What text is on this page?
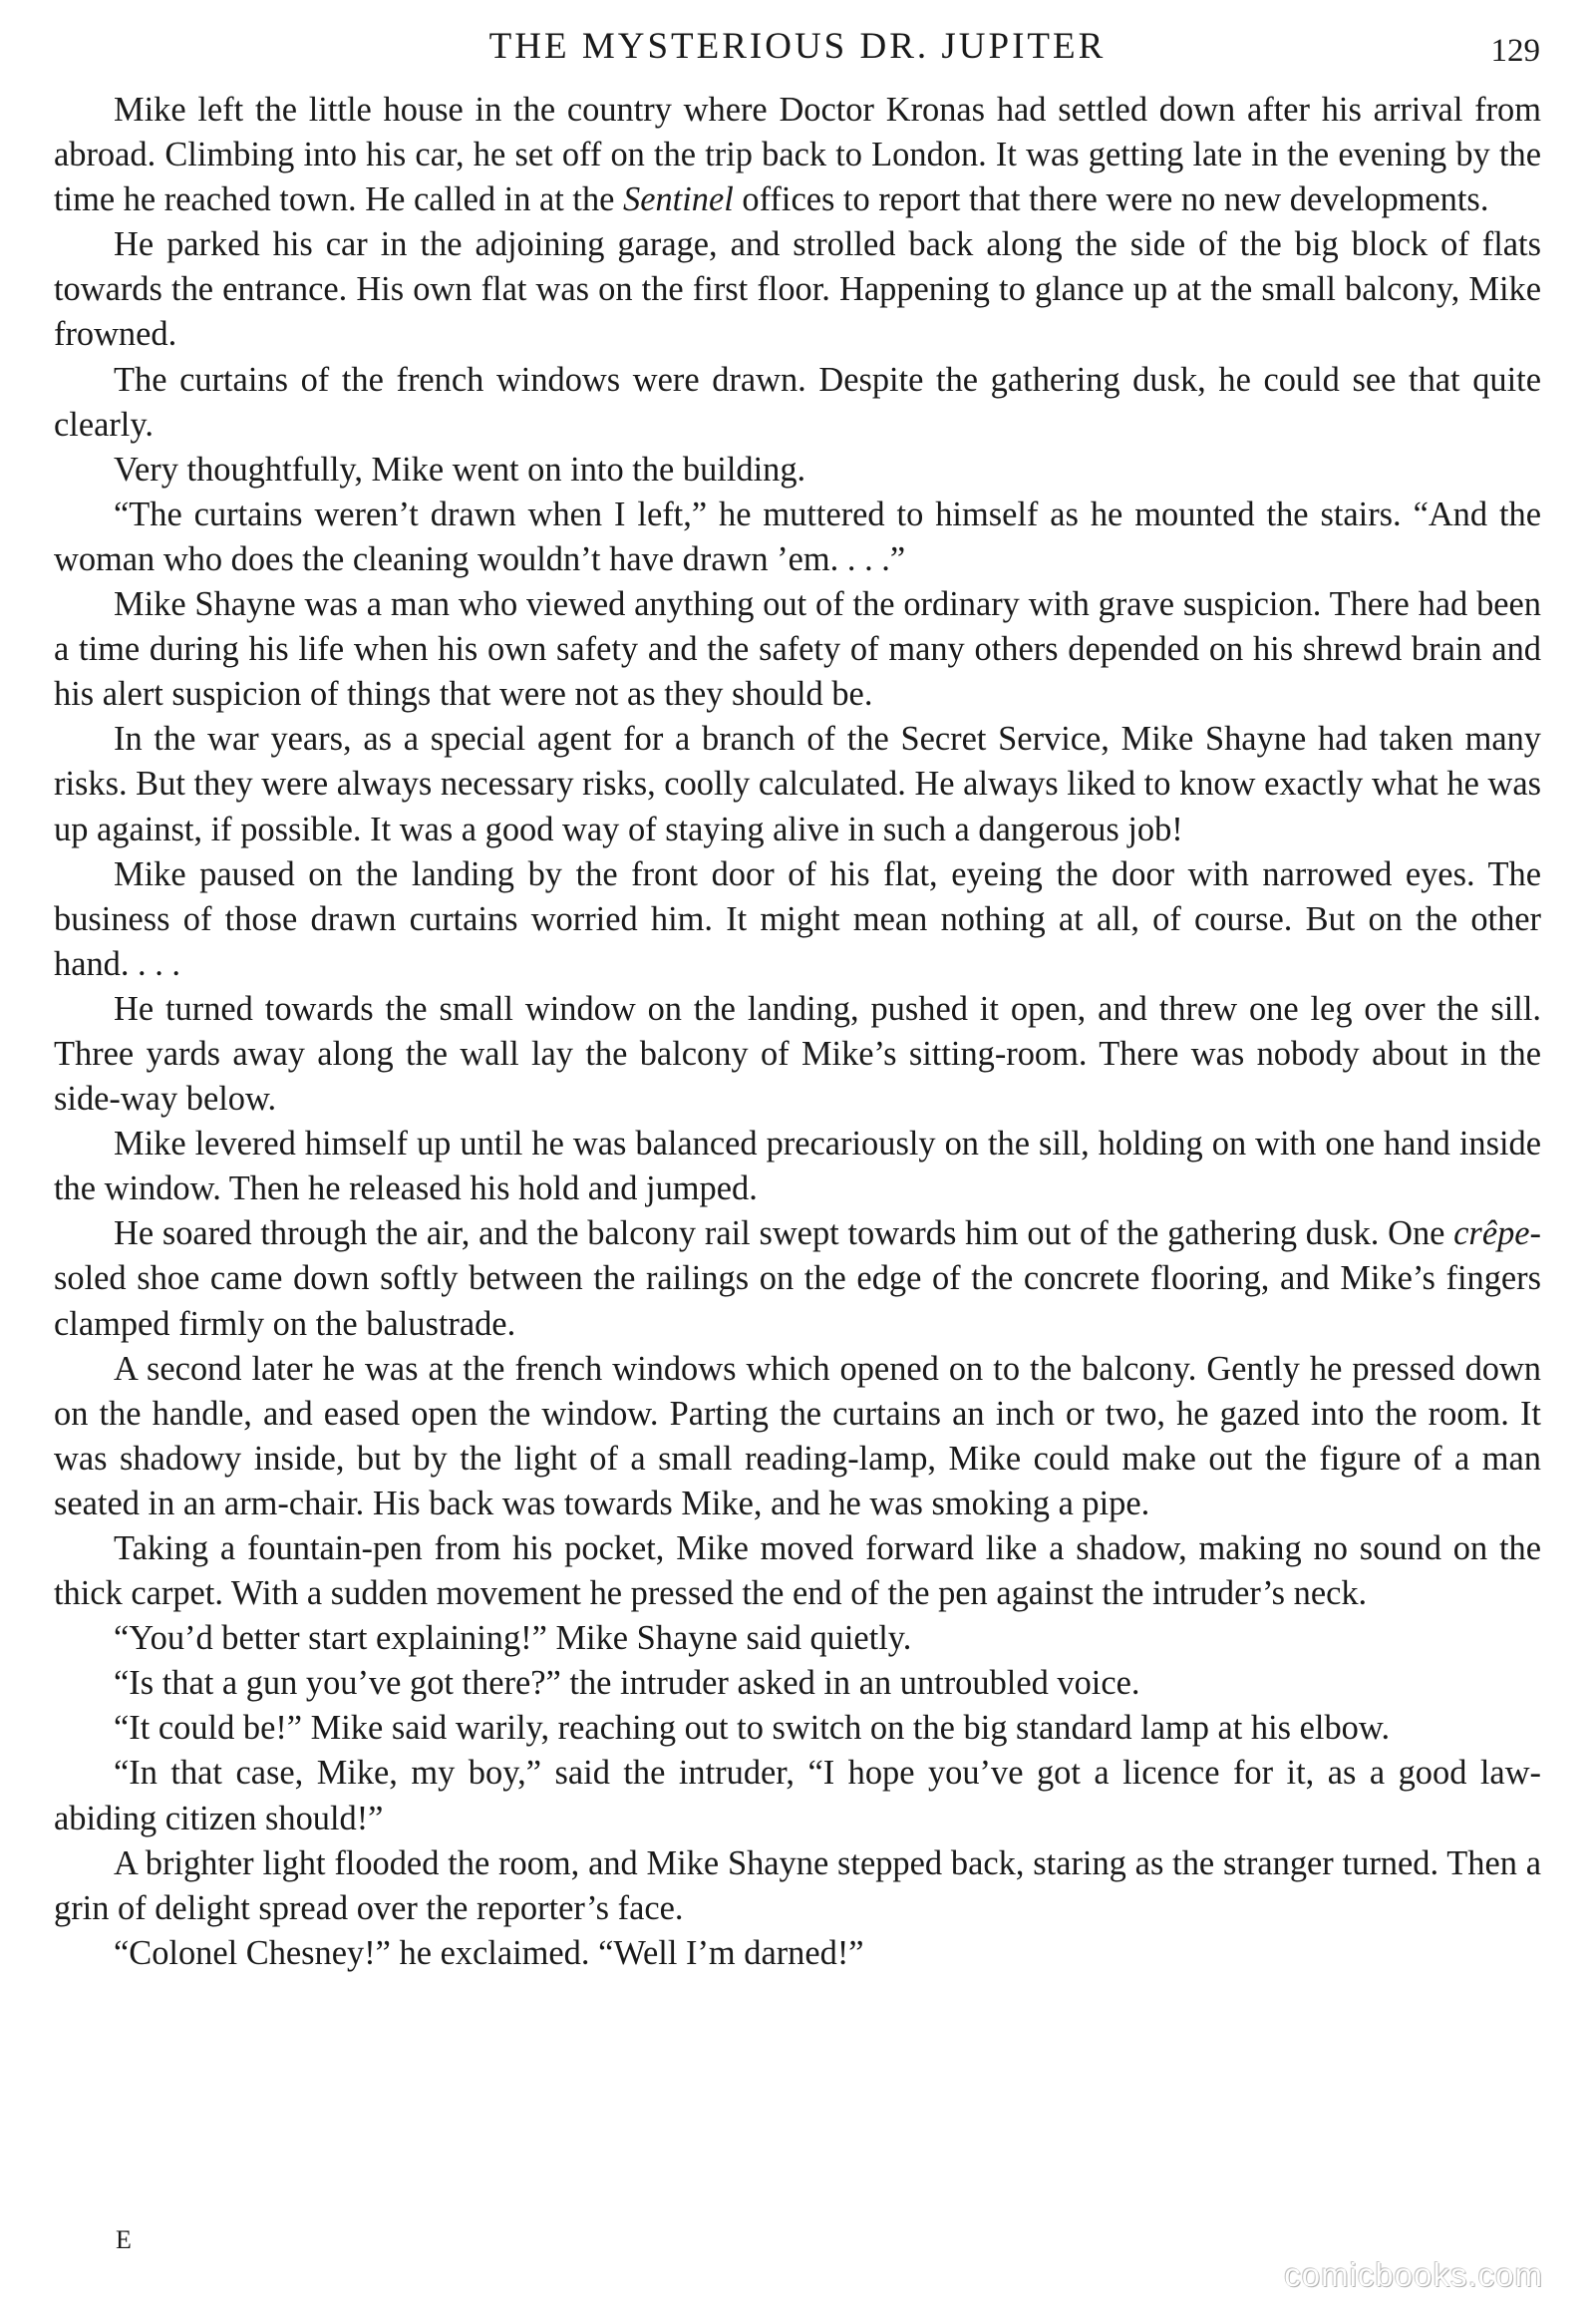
THE MYSTERIOUS DR. JUPITER	129

Mike left the little house in the country where Doctor Kronas had settled down after his arrival from abroad. Climbing into his car, he set off on the trip back to London. It was getting late in the evening by the time he reached town. He called in at the Sentinel offices to report that there were no new developments.

He parked his car in the adjoining garage, and strolled back along the side of the big block of flats towards the entrance. His own flat was on the first floor. Happening to glance up at the small balcony, Mike frowned.

The curtains of the french windows were drawn. Despite the gathering dusk, he could see that quite clearly.

Very thoughtfully, Mike went on into the building.

“The curtains weren’t drawn when I left,” he muttered to himself as he mounted the stairs. “And the woman who does the cleaning wouldn’t have drawn ’em. . . .”

Mike Shayne was a man who viewed anything out of the ordinary with grave suspicion. There had been a time during his life when his own safety and the safety of many others depended on his shrewd brain and his alert suspicion of things that were not as they should be.

In the war years, as a special agent for a branch of the Secret Service, Mike Shayne had taken many risks. But they were always necessary risks, coolly calculated. He always liked to know exactly what he was up against, if possible. It was a good way of staying alive in such a dangerous job!

Mike paused on the landing by the front door of his flat, eyeing the door with narrowed eyes. The business of those drawn curtains worried him. It might mean nothing at all, of course. But on the other hand. . . .

He turned towards the small window on the landing, pushed it open, and threw one leg over the sill. Three yards away along the wall lay the balcony of Mike’s sitting-room. There was nobody about in the side-way below.

Mike levered himself up until he was balanced precariously on the sill, holding on with one hand inside the window. Then he released his hold and jumped.

He soared through the air, and the balcony rail swept towards him out of the gathering dusk. One crêpe-soled shoe came down softly between the railings on the edge of the concrete flooring, and Mike’s fingers clamped firmly on the balustrade.

A second later he was at the french windows which opened on to the balcony. Gently he pressed down on the handle, and eased open the window. Parting the curtains an inch or two, he gazed into the room. It was shadowy inside, but by the light of a small reading-lamp, Mike could make out the figure of a man seated in an arm-chair. His back was towards Mike, and he was smoking a pipe.

Taking a fountain-pen from his pocket, Mike moved forward like a shadow, making no sound on the thick carpet. With a sudden movement he pressed the end of the pen against the intruder’s neck.

“You’d better start explaining!” Mike Shayne said quietly.

“Is that a gun you’ve got there?” the intruder asked in an untroubled voice.

“It could be!” Mike said warily, reaching out to switch on the big standard lamp at his elbow.

“In that case, Mike, my boy,” said the intruder, “I hope you’ve got a licence for it, as a good law-abiding citizen should!”

A brighter light flooded the room, and Mike Shayne stepped back, staring as the stranger turned. Then a grin of delight spread over the reporter’s face.

“Colonel Chesney!” he exclaimed. “Well I’m darned!”

E
comicbooks.com
